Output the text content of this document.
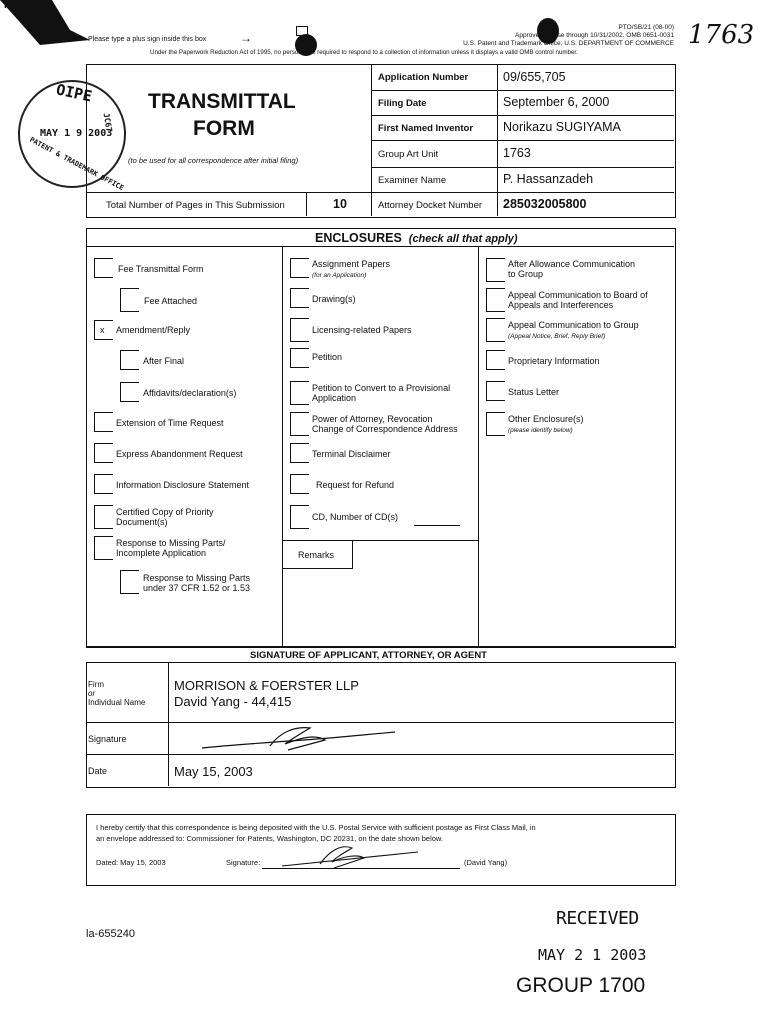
I
Please type a plus sign inside this box	→
PTO/SB/21 (08-00)
Approved for use through 10/31/2002. OMB 0651-0031
U.S. Patent and Trademark Office: U.S. DEPARTMENT OF COMMERCE
Under the Paperwork Reduction Act of 1995, no persons are required to respond to a collection of information unless it displays a valid OMB control number.
1763
TRANSMITTAL
FORM
(to be used for all correspondence after initial filing)
OIPE
JC67
MAY 1 9 2003
PATENT & TRADEMARK OFFICE
Application Number	09/655,705
Filing Date	September 6, 2000
First Named Inventor Norikazu SUGIYAMA
Group Art Unit	1763
Examiner Name	P. Hassanzadeh
Attorney Docket Number 285032005800
Total Number of Pages in This Submission	10
ENCLOSURES (check all that apply)
Fee Transmittal Form
Fee Attached
x Amendment/Reply
After Final
Affidavits/declaration(s)
Extension of Time Request
Express Abandonment Request
Information Disclosure Statement
Certified Copy of Priority
Document(s)
Response to Missing Parts/
Incomplete Application
Response to Missing Parts
under 37 CFR 1.52 or 1.53
Assignment Papers
(for an Application)
Drawing(s)
Licensing-related Papers
Petition
Petition to Convert to a Provisional
Application
Power of Attorney, Revocation
Change of Correspondence Address
Terminal Disclaimer
Request for Refund
CD, Number of CD(s)
Remarks
After Allowance Communication
to Group
Appeal Communication to Board of
Appeals and Interferences
Appeal Communication to Group
(Appeal Notice, Brief, Reply Brief)
Proprietary Information
Status Letter
Other Enclosure(s)
(please identify below)
SIGNATURE OF APPLICANT, ATTORNEY, OR AGENT
Firm
or
Individual Name
MORRISON & FOERSTER LLP
David Yang - 44,415
Signature
Date	May 15, 2003
I hereby certify that this correspondence is being deposited with the U.S. Postal Service with sufficient postage as First Class Mail, in
an envelope addressed to: Commissioner for Patents, Washington, DC 20231, on the date shown below.
Dated: May 15, 2003	Signature:	(David Yang)
la-655240
RECEIVED
MAY 2 1 2003
GROUP 1700
